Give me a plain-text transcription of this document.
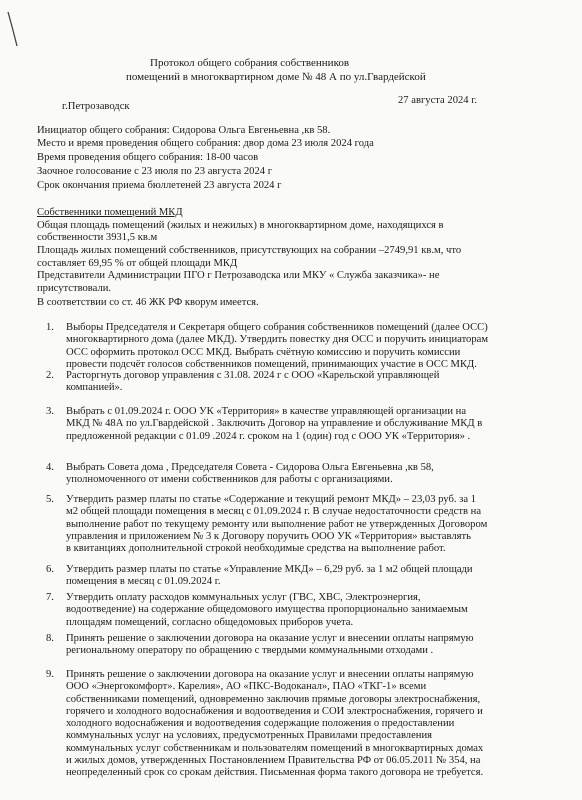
Протокол общего собрания собственников
помещений в многоквартирном доме № 48 А по ул.Гвардейской
г.Петрозаводск
27 августа 2024 г.
Инициатор общего собрания: Сидорова Ольга Евгеньевна ,кв 58.
Место и время проведения общего собрания: двор дома 23 июля 2024 года
Время проведения общего собрания: 18-00 часов
Заочное голосование с 23 июля по 23 августа 2024 г
Срок окончания приема бюллетеней 23 августа 2024 г
Собственники помещений МКД
Общая площадь помещений (жилых и нежилых) в многоквартирном доме, находящихся в
собственности 3931,5 кв.м
Площадь жилых помещений собственников, присутствующих на собрании –2749,91 кв.м, что
составляет 69,95 % от общей площади МКД
Представители Администрации ПГО г Петрозаводска или МКУ « Служба заказчика»- не
присутствовали.
В соответствии со ст. 46 ЖК РФ кворум имеется.
1. Выборы Председателя и Секретаря общего собрания собственников помещений (далее ОСС)
многоквартирного дома (далее МКД). Утвердить повестку дня ОСС и поручить инициаторам
ОСС оформить протокол ОСС МКД. Выбрать счётную комиссию и поручить комиссии
провести подсчёт голосов собственников помещений, принимающих участие в ОСС МКД.
2. Расторгнуть договор управления с 31.08. 2024 г с ООО «Карельской управляющей
компанией».
3. Выбрать с 01.09.2024 г. ООО УК «Территория» в качестве управляющей организации на
МКД № 48А по ул.Гвардейской . Заключить Договор на управление и обслуживание МКД в
предложенной редакции с 01.09 .2024 г. сроком на 1 (один) год с ООО УК «Территория» .
4. Выбрать Совета дома , Председателя Совета - Сидорова Ольга Евгеньевна ,кв 58,
уполномоченного от имени собственников для работы с организациями.
5. Утвердить размер платы по статье «Содержание и текущий ремонт МКД» – 23,03 руб. за 1
м2 общей площади помещения в месяц с 01.09.2024 г. В случае недостаточности средств на
выполнение работ по текущему ремонту или выполнение работ не утвержденных Договором
управления и приложением № 3 к Договору поручить ООО УК «Территория» выставлять
в квитанциях дополнительной строкой необходимые средства на выполнение работ.
6. Утвердить размер платы по статье «Управление МКД» – 6,29 руб. за 1 м2 общей площади
помещения в месяц с 01.09.2024 г.
7. Утвердить оплату расходов коммунальных услуг (ГВС, ХВС, Электроэнергия,
водоотведение) на содержание общедомового имущества пропорционально занимаемым
площадям помещений, согласно общедомовых приборов учета.
8. Принять решение о заключении договора на оказание услуг и внесении оплаты напрямую
региональному оператору по обращению с твердыми коммунальными отходами .
9. Принять решение о заключении договора на оказание услуг и внесении оплаты напрямую
ООО «Энергокомфорт». Карелия», АО «ПКС-Водоканал», ПАО «ТКГ-1» всеми
собственниками помещений, одновременно заключив прямые договоры электроснабжения,
горячего и холодного водоснабжения и водоотведения и СОИ электроснабжения, горячего и
холодного водоснабжения и водоотведения содержащие положения о предоставлении
коммунальных услуг на условиях, предусмотренных Правилами предоставления
коммунальных услуг собственникам и пользователям помещений в многоквартирных домах
и жилых домов, утвержденных Постановлением Правительства РФ от 06.05.2011 № 354, на
неопределенный срок со срокам действия. Письменная форма такого договора не требуется.
